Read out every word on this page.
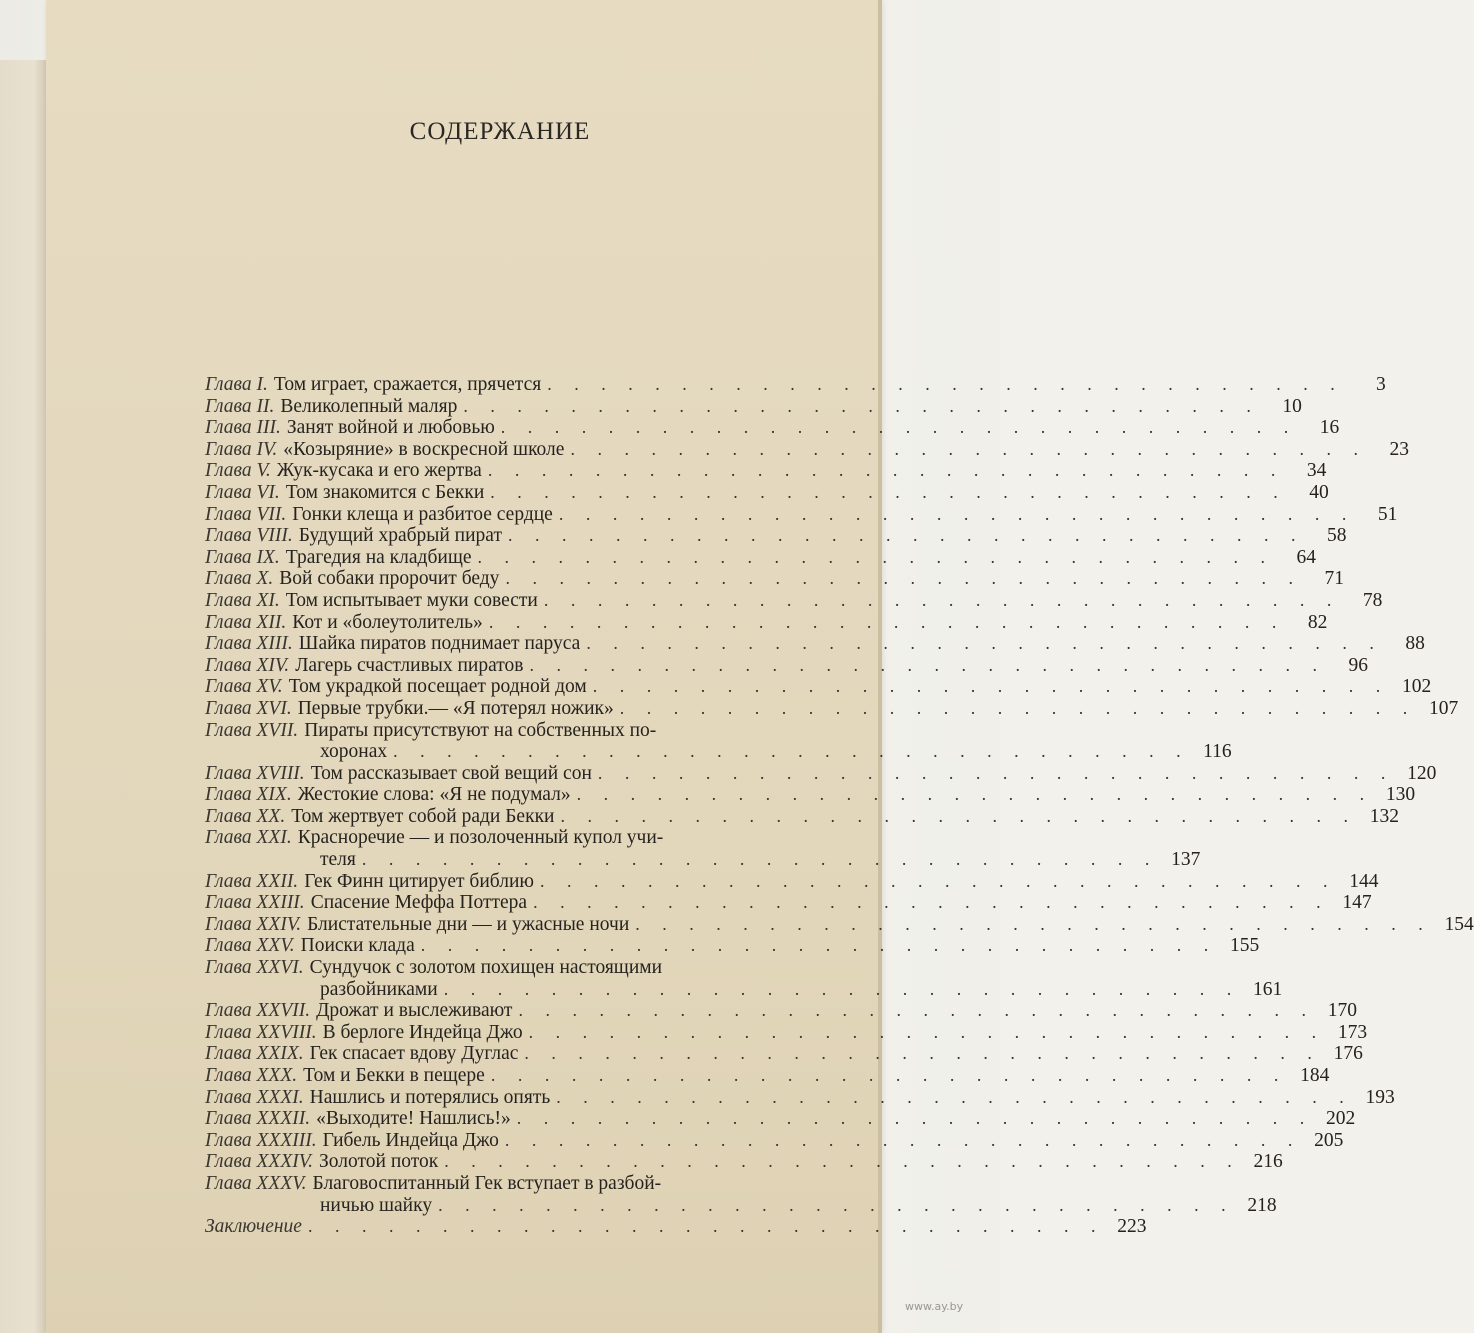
СОДЕРЖАНИЕ
Глава I. Том играет, сражается, прячется . . . . . . . . . . . . . . . . . . . . . . . . . . . . . .	3
Глава II. Великолепный маляр . . . . . . . . . . . . . . . . . . . . . . . . . . . . . .	10
Глава III. Занят войной и любовью . . . . . . . . . . . . . . . . . . . . . . . . . . . . . .	16
Глава IV. «Козыряние» в воскресной школе . . . . . . . . . . . . . . . . . . . . . . . . . . . . . .	23
Глава V. Жук-кусака и его жертва . . . . . . . . . . . . . . . . . . . . . . . . . . . . . .	34
Глава VI. Том знакомится с Бекки . . . . . . . . . . . . . . . . . . . . . . . . . . . . . .	40
Глава VII. Гонки клеща и разбитое сердце . . . . . . . . . . . . . . . . . . . . . . . . . . . . . .	51
Глава VIII. Будущий храбрый пират . . . . . . . . . . . . . . . . . . . . . . . . . . . . . .	58
Глава IX. Трагедия на кладбище . . . . . . . . . . . . . . . . . . . . . . . . . . . . . .	64
Глава X. Вой собаки пророчит беду . . . . . . . . . . . . . . . . . . . . . . . . . . . . . .	71
Глава XI. Том испытывает муки совести . . . . . . . . . . . . . . . . . . . . . . . . . . . . . .	78
Глава XII. Кот и «болеутолитель» . . . . . . . . . . . . . . . . . . . . . . . . . . . . . .	82
Глава XIII. Шайка пиратов поднимает паруса . . . . . . . . . . . . . . . . . . . . . . . . . . . . . .	88
Глава XIV. Лагерь счастливых пиратов . . . . . . . . . . . . . . . . . . . . . . . . . . . . . .	96
Глава XV. Том украдкой посещает родной дом . . . . . . . . . . . . . . . . . . . . . . . . . . . . . . 102
Глава XVI. Первые трубки.— «Я потерял ножик» . . . . . . . . . . . . . . . . . . . . . . . . . . . . . . 107
Глава XVII. Пираты присутствуют на собственных по-
хоронах . . . . . . . . . . . . . . . . . . . . . . . . . . . . . . 116
Глава XVIII. Том рассказывает свой вещий сон . . . . . . . . . . . . . . . . . . . . . . . . . . . . . . 120
Глава XIX. Жестокие слова: «Я не подумал» . . . . . . . . . . . . . . . . . . . . . . . . . . . . . . 130
Глава XX. Том жертвует собой ради Бекки . . . . . . . . . . . . . . . . . . . . . . . . . . . . . . 132
Глава XXI. Красноречие — и позолоченный купол учи-
теля . . . . . . . . . . . . . . . . . . . . . . . . . . . . . . 137
Глава XXII. Гек Финн цитирует библию . . . . . . . . . . . . . . . . . . . . . . . . . . . . . . 144
Глава XXIII. Спасение Меффа Поттера . . . . . . . . . . . . . . . . . . . . . . . . . . . . . . 147
Глава XXIV. Блистательные дни — и ужасные ночи . . . . . . . . . . . . . . . . . . . . . . . . . . . . . . 154
Глава XXV. Поиски клада . . . . . . . . . . . . . . . . . . . . . . . . . . . . . . 155
Глава XXVI. Сундучок с золотом похищен настоящими
разбойниками . . . . . . . . . . . . . . . . . . . . . . . . . . . . . . 161
Глава XXVII. Дрожат и выслеживают . . . . . . . . . . . . . . . . . . . . . . . . . . . . . . 170
Глава XXVIII. В берлоге Индейца Джо . . . . . . . . . . . . . . . . . . . . . . . . . . . . . . 173
Глава XXIX. Гек спасает вдову Дуглас . . . . . . . . . . . . . . . . . . . . . . . . . . . . . . 176
Глава XXX. Том и Бекки в пещере . . . . . . . . . . . . . . . . . . . . . . . . . . . . . . 184
Глава XXXI. Нашлись и потерялись опять . . . . . . . . . . . . . . . . . . . . . . . . . . . . . . 193
Глава XXXII. «Выходите! Нашлись!» . . . . . . . . . . . . . . . . . . . . . . . . . . . . . . 202
Глава XXXIII. Гибель Индейца Джо . . . . . . . . . . . . . . . . . . . . . . . . . . . . . . 205
Глава XXXIV. Золотой поток . . . . . . . . . . . . . . . . . . . . . . . . . . . . . . 216
Глава XXXV. Благовоспитанный Гек вступает в разбой-
ничью шайку . . . . . . . . . . . . . . . . . . . . . . . . . . . . . . 218
Заключение . . . . . . . . . . . . . . . . . . . . . . . . . . . . . . 223
www.ay.by
